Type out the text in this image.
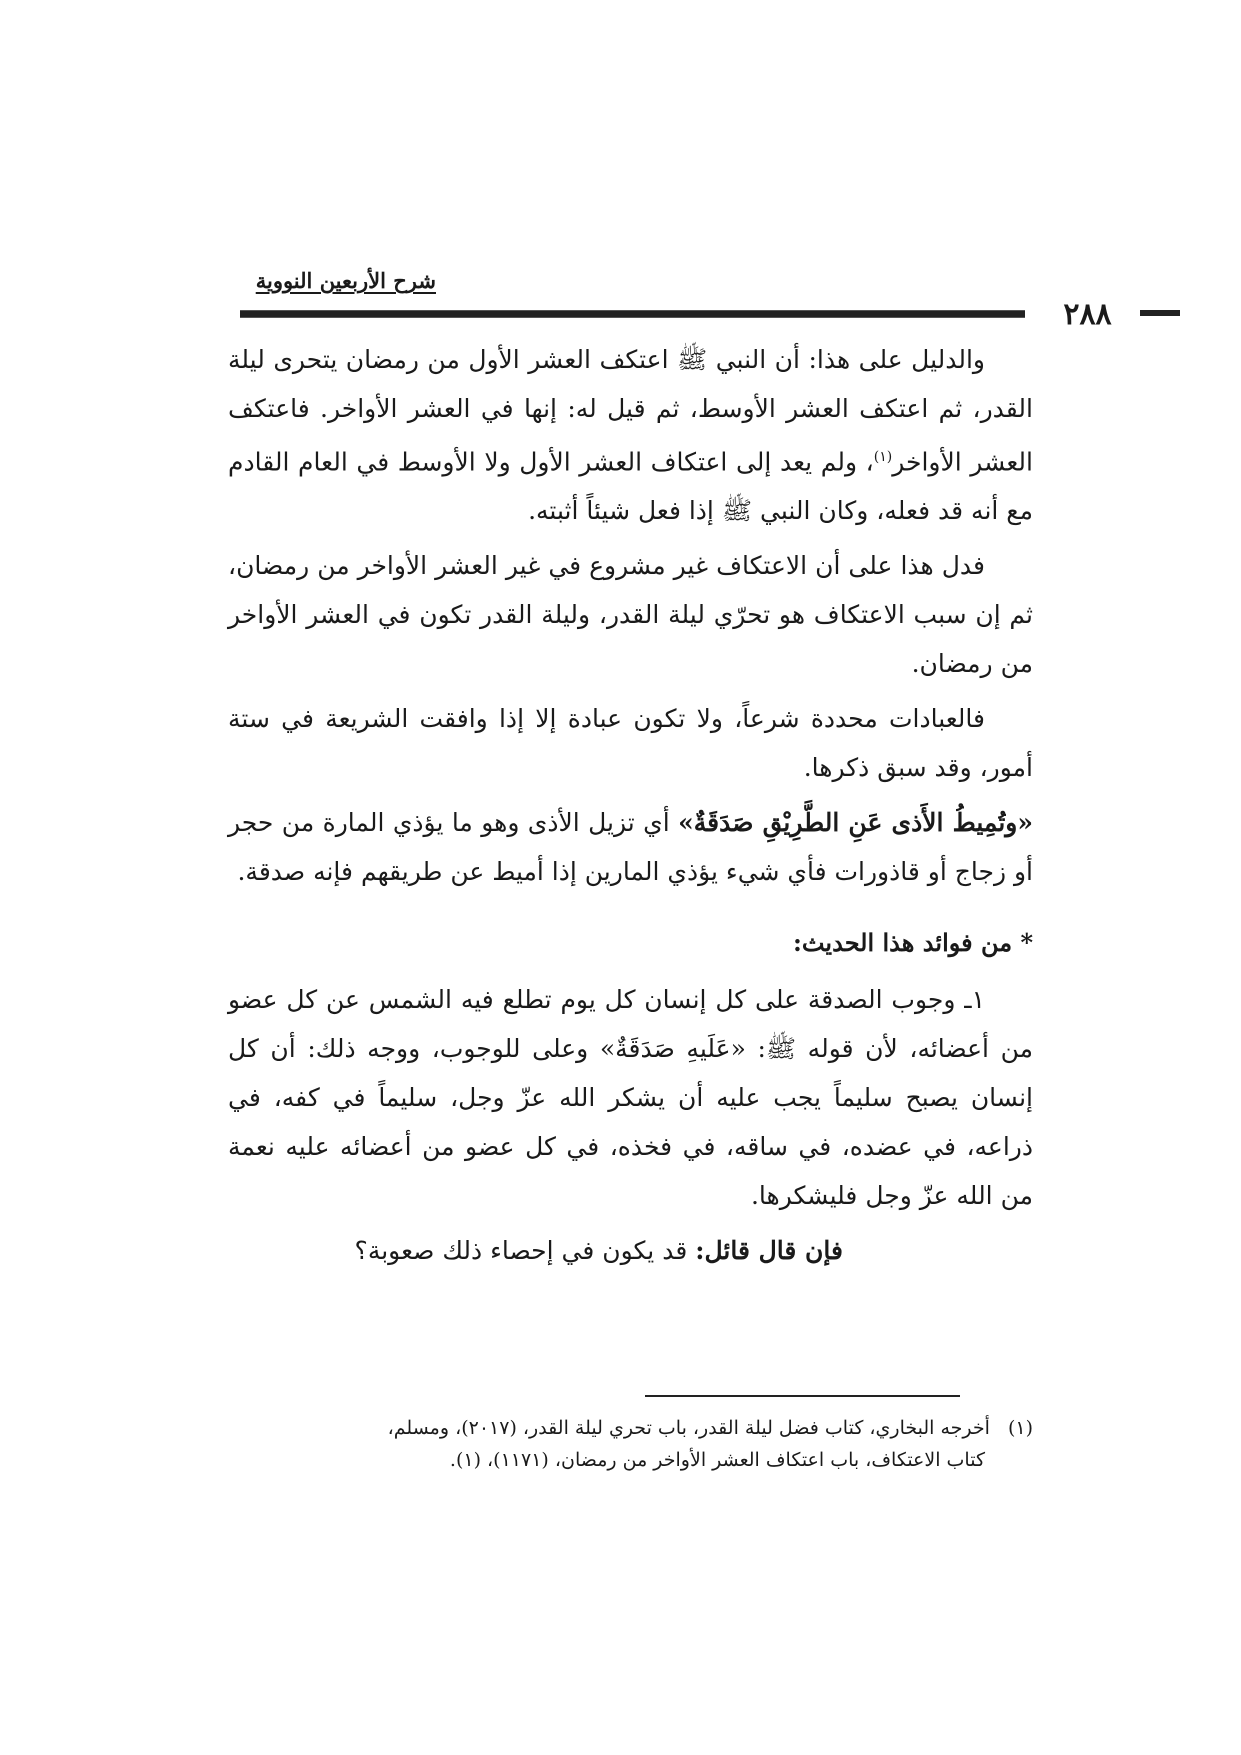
شرح الأربعين النووية
٢٨٨

والدليل على هذا: أن النبي ﷺ اعتكف العشر الأول من رمضان يتحرى ليلة القدر، ثم اعتكف العشر الأوسط، ثم قيل له: إنها في العشر الأواخر. فاعتكف العشر الأواخر$^{(١)}$، ولم يعد إلى اعتكاف العشر الأول ولا الأوسط في العام القادم مع أنه قد فعله، وكان النبي ﷺ إذا فعل شيئاً أثبته.

فدل هذا على أن الاعتكاف غير مشروع في غير العشر الأواخر من رمضان، ثم إن سبب الاعتكاف هو تحرّي ليلة القدر، وليلة القدر تكون في العشر الأواخر من رمضان.

فالعبادات محددة شرعاً، ولا تكون عبادة إلا إذا وافقت الشريعة في ستة أمور، وقد سبق ذكرها.

«وتُمِيطُ الأَذى عَنِ الطَّرِيْقِ صَدَقَةٌ» أي تزيل الأذى وهو ما يؤذي المارة من حجر أو زجاج أو قاذورات فأي شيء يؤذي المارين إذا أميط عن طريقهم فإنه صدقة.

* من فوائد هذا الحديث:

١ـ وجوب الصدقة على كل إنسان كل يوم تطلع فيه الشمس عن كل عضو من أعضائه، لأن قوله ﷺ: «عَلَيهِ صَدَقَةٌ» وعلى للوجوب، ووجه ذلك: أن كل إنسان يصبح سليماً يجب عليه أن يشكر الله عزّ وجل، سليماً في كفه، في ذراعه، في عضده، في ساقه، في فخذه، في كل عضو من أعضائه عليه نعمة من الله عزّ وجل فليشكرها.

فإن قال قائل: قد يكون في إحصاء ذلك صعوبة؟

(١)أخرجه البخاري، كتاب فضل ليلة القدر، باب تحري ليلة القدر، (٢٠١٧)، ومسلم،
كتاب الاعتكاف، باب اعتكاف العشر الأواخر من رمضان، (١١٧١)، (١).
